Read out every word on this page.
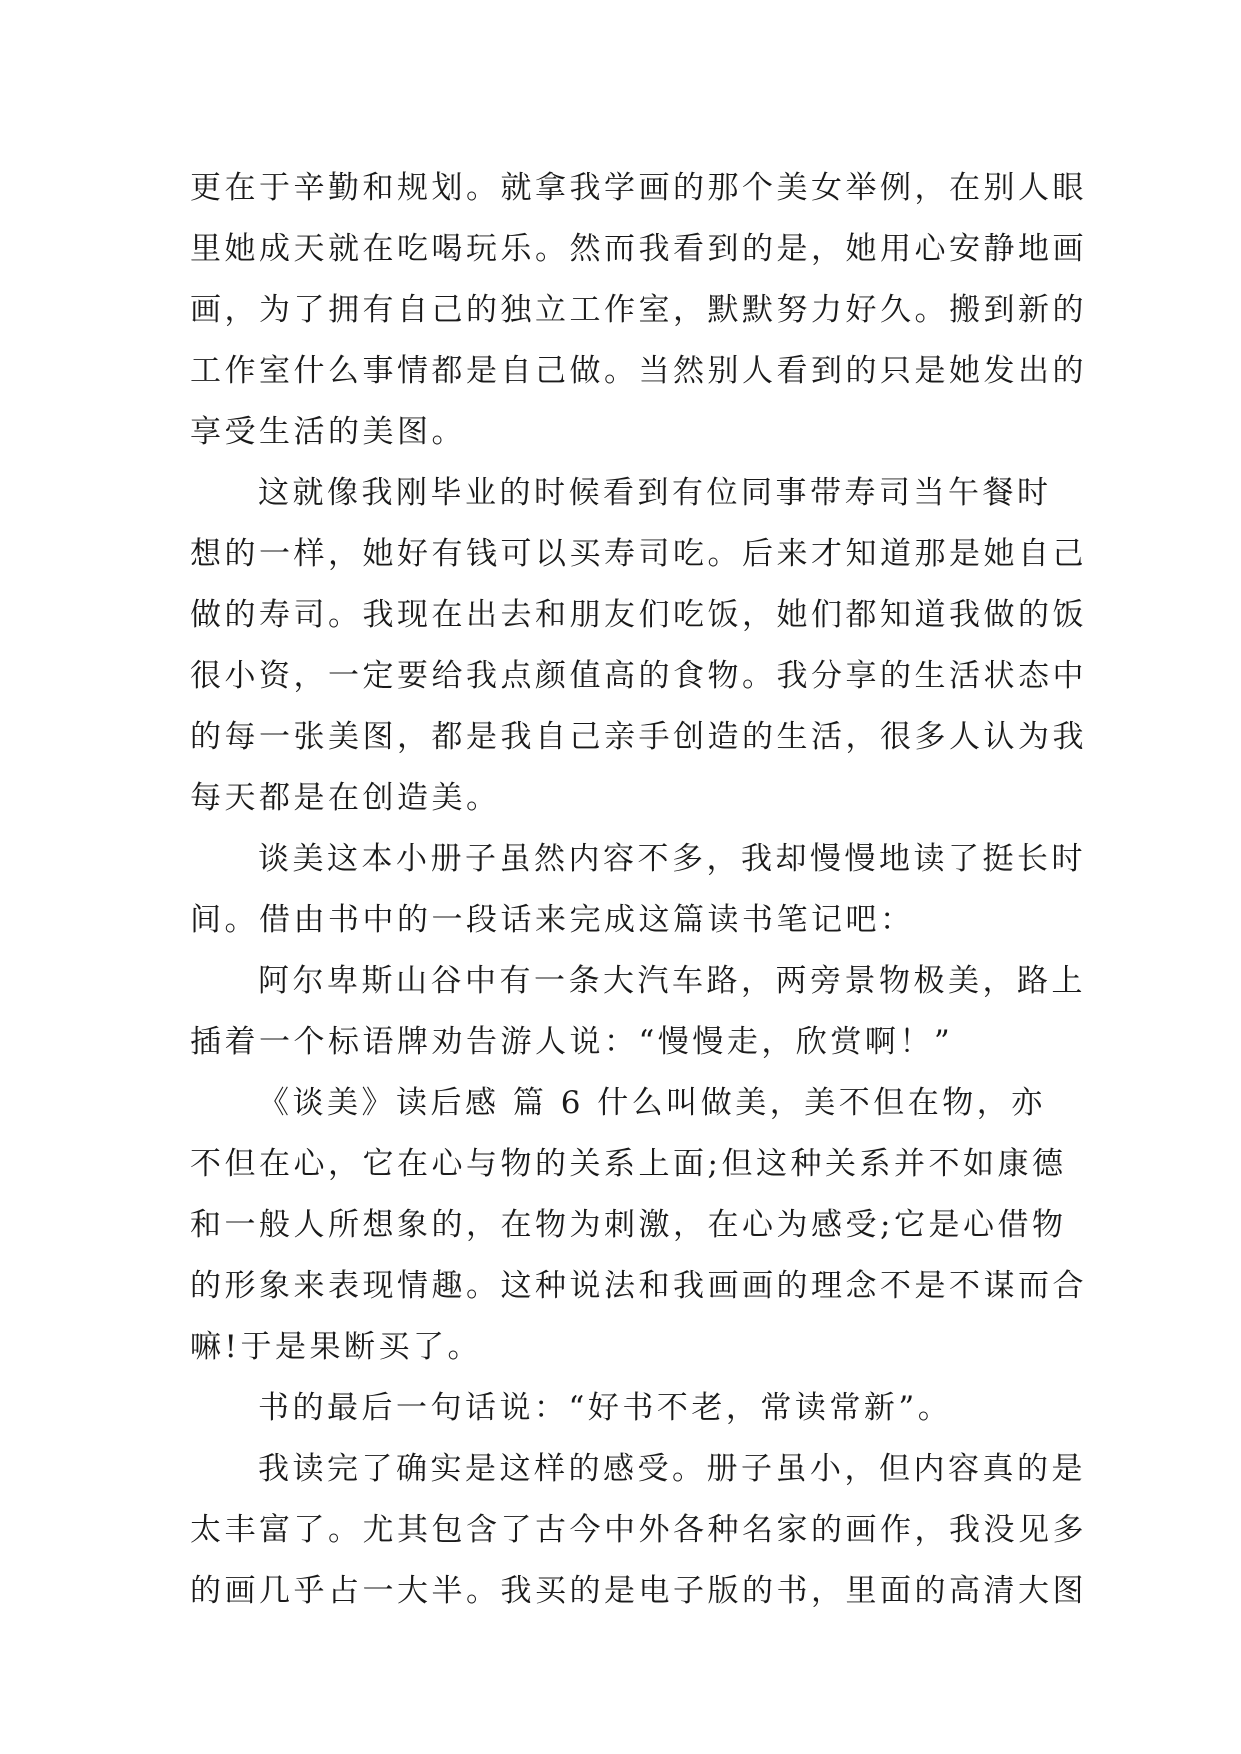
更在于辛勤和规划。就拿我学画的那个美女举例，在别人眼
里她成天就在吃喝玩乐。然而我看到的是，她用心安静地画
画，为了拥有自己的独立工作室，默默努力好久。搬到新的
工作室什么事情都是自己做。当然别人看到的只是她发出的
享受生活的美图。
这就像我刚毕业的时候看到有位同事带寿司当午餐时
想的一样，她好有钱可以买寿司吃。后来才知道那是她自己
做的寿司。我现在出去和朋友们吃饭，她们都知道我做的饭
很小资，一定要给我点颜值高的食物。我分享的生活状态中
的每一张美图，都是我自己亲手创造的生活，很多人认为我
每天都是在创造美。
谈美这本小册子虽然内容不多，我却慢慢地读了挺长时
间。借由书中的一段话来完成这篇读书笔记吧：
阿尔卑斯山谷中有一条大汽车路，两旁景物极美，路上
插着一个标语牌劝告游人说：“慢慢走，欣赏啊！”
《谈美》读后感 篇 6 什么叫做美，美不但在物，亦
不但在心，它在心与物的关系上面;但这种关系并不如康德
和一般人所想象的，在物为刺激，在心为感受;它是心借物
的形象来表现情趣。这种说法和我画画的理念不是不谋而合
嘛!于是果断买了。
书的最后一句话说：“好书不老，常读常新”。
我读完了确实是这样的感受。册子虽小，但内容真的是
太丰富了。尤其包含了古今中外各种名家的画作，我没见多
的画几乎占一大半。我买的是电子版的书，里面的高清大图
